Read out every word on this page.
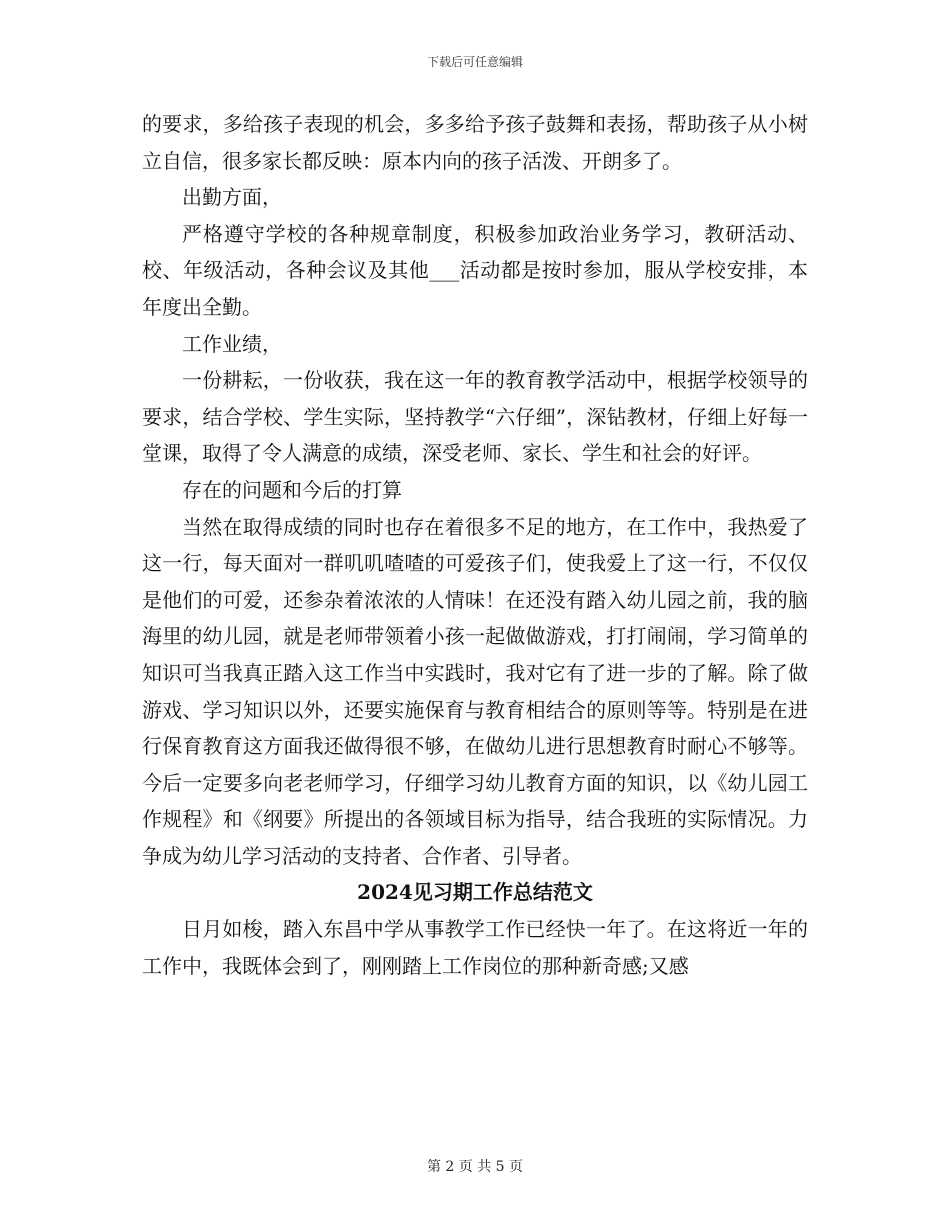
下载后可任意编辑

的要求，多给孩子表现的机会，多多给予孩子鼓舞和表扬，帮助孩子从小树立自信，很多家长都反映：原本内向的孩子活泼、开朗多了。

出勤方面，

严格遵守学校的各种规章制度，积极参加政治业务学习，教研活动、校、年级活动，各种会议及其他___活动都是按时参加，服从学校安排，本年度出全勤。

工作业绩，

一份耕耘，一份收获，我在这一年的教育教学活动中，根据学校领导的要求，结合学校、学生实际，坚持教学“六仔细”，深钻教材，仔细上好每一堂课，取得了令人满意的成绩，深受老师、家长、学生和社会的好评。

存在的问题和今后的打算

当然在取得成绩的同时也存在着很多不足的地方，在工作中，我热爱了这一行，每天面对一群叽叽喳喳的可爱孩子们，使我爱上了这一行，不仅仅是他们的可爱，还参杂着浓浓的人情味！在还没有踏入幼儿园之前，我的脑海里的幼儿园，就是老师带领着小孩一起做做游戏，打打闹闹，学习简单的知识可当我真正踏入这工作当中实践时，我对它有了进一步的了解。除了做游戏、学习知识以外，还要实施保育与教育相结合的原则等等。特别是在进行保育教育这方面我还做得很不够，在做幼儿进行思想教育时耐心不够等。今后一定要多向老老师学习，仔细学习幼儿教育方面的知识，以《幼儿园工作规程》和《纲要》所提出的各领域目标为指导，结合我班的实际情况。力争成为幼儿学习活动的支持者、合作者、引导者。

2024见习期工作总结范文

日月如梭，踏入东昌中学从事教学工作已经快一年了。在这将近一年的工作中，我既体会到了，刚刚踏上工作岗位的那种新奇感;又感

第 2 页 共 5 页
